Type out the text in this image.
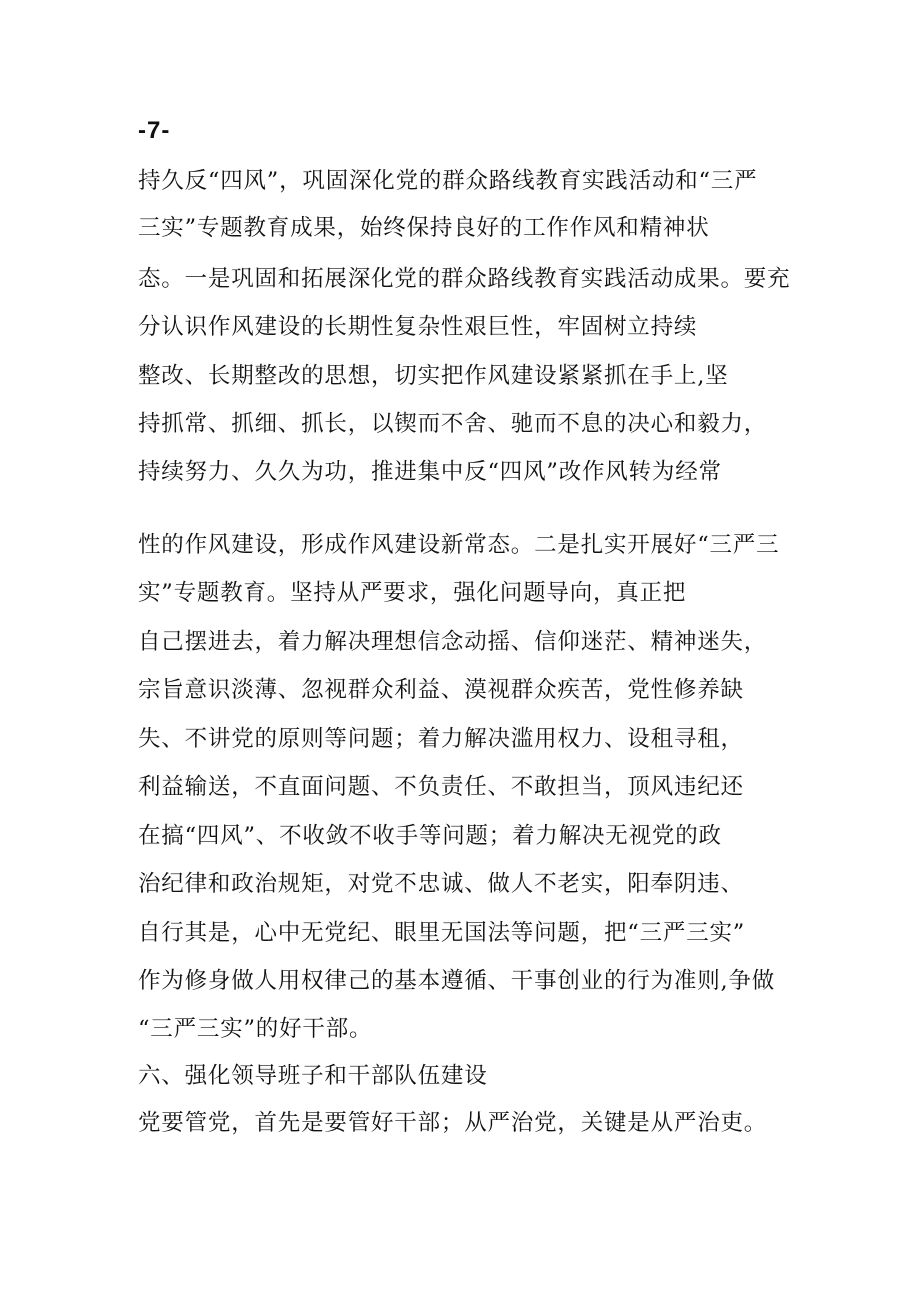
-7-
持久反“四风”，巩固深化党的群众路线教育实践活动和“三严
三实”专题教育成果，始终保持良好的工作作风和精神状
态。一是巩固和拓展深化党的群众路线教育实践活动成果。要充
分认识作风建设的长期性复杂性艰巨性，牢固树立持续
整改、长期整改的思想，切实把作风建设紧紧抓在手上,坚
持抓常、抓细、抓长，以锲而不舍、驰而不息的决心和毅力，
持续努力、久久为功，推进集中反“四风”改作风转为经常
性的作风建设，形成作风建设新常态。二是扎实开展好“三严三
实”专题教育。坚持从严要求，强化问题导向，真正把
自己摆进去，着力解决理想信念动摇、信仰迷茫、精神迷失，
宗旨意识淡薄、忽视群众利益、漠视群众疾苦，党性修养缺
失、不讲党的原则等问题；着力解决滥用权力、设租寻租，
利益输送，不直面问题、不负责任、不敢担当，顶风违纪还
在搞“四风”、不收敛不收手等问题；着力解决无视党的政
治纪律和政治规矩，对党不忠诚、做人不老实，阳奉阴违、
自行其是，心中无党纪、眼里无国法等问题，把“三严三实”
作为修身做人用权律己的基本遵循、干事创业的行为准则,争做
“三严三实”的好干部。
六、强化领导班子和干部队伍建设
党要管党，首先是要管好干部；从严治党，关键是从严治吏。
